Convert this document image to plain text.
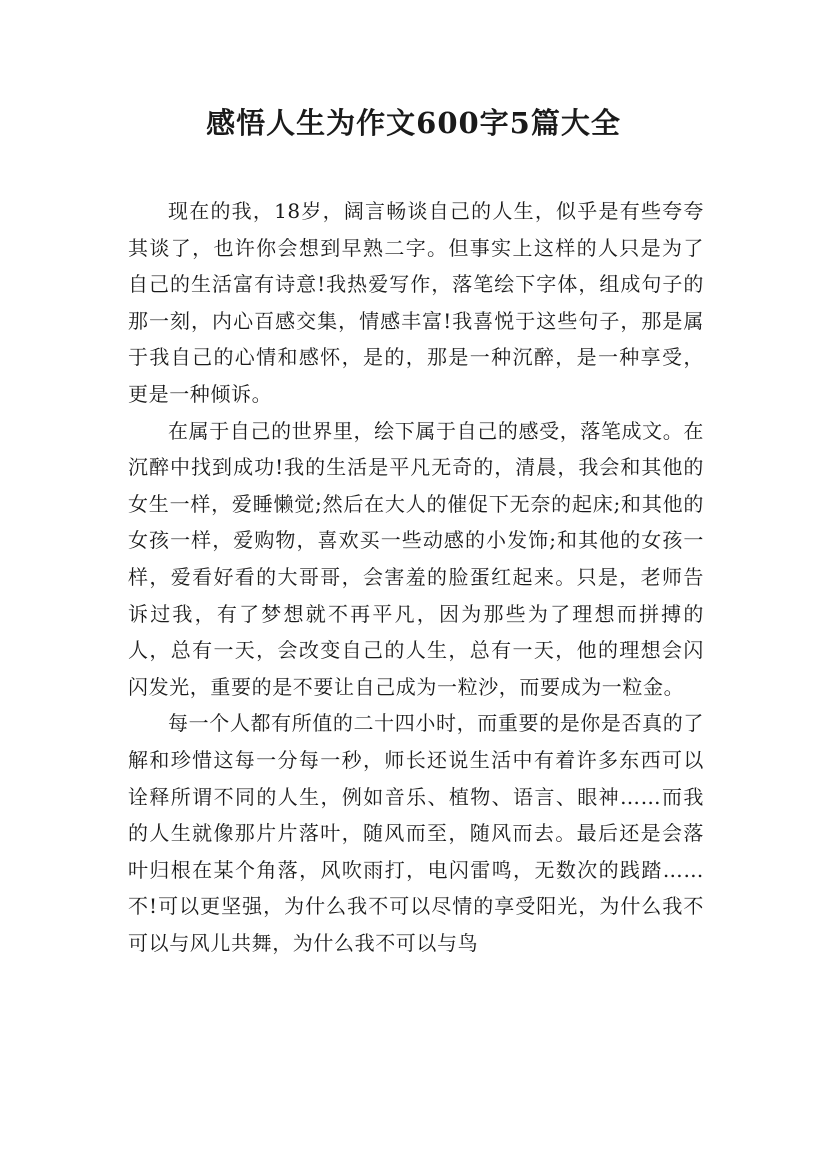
感悟人生为作文600字5篇大全

现在的我，18岁，阔言畅谈自己的人生，似乎是有些夸夸其谈了，也许你会想到早熟二字。但事实上这样的人只是为了自己的生活富有诗意!我热爱写作，落笔绘下字体，组成句子的那一刻，内心百感交集，情感丰富!我喜悦于这些句子，那是属于我自己的心情和感怀，是的，那是一种沉醉，是一种享受，更是一种倾诉。

在属于自己的世界里，绘下属于自己的感受，落笔成文。在沉醉中找到成功!我的生活是平凡无奇的，清晨，我会和其他的女生一样，爱睡懒觉;然后在大人的催促下无奈的起床;和其他的女孩一样，爱购物，喜欢买一些动感的小发饰;和其他的女孩一样，爱看好看的大哥哥，会害羞的脸蛋红起来。只是，老师告诉过我，有了梦想就不再平凡，因为那些为了理想而拼搏的人，总有一天，会改变自己的人生，总有一天，他的理想会闪闪发光，重要的是不要让自己成为一粒沙，而要成为一粒金。

每一个人都有所值的二十四小时，而重要的是你是否真的了解和珍惜这每一分每一秒，师长还说生活中有着许多东西可以诠释所谓不同的人生，例如音乐、植物、语言、眼神……而我的人生就像那片片落叶，随风而至，随风而去。最后还是会落叶归根在某个角落，风吹雨打，电闪雷鸣，无数次的践踏……不!可以更坚强，为什么我不可以尽情的享受阳光，为什么我不可以与风儿共舞，为什么我不可以与鸟
